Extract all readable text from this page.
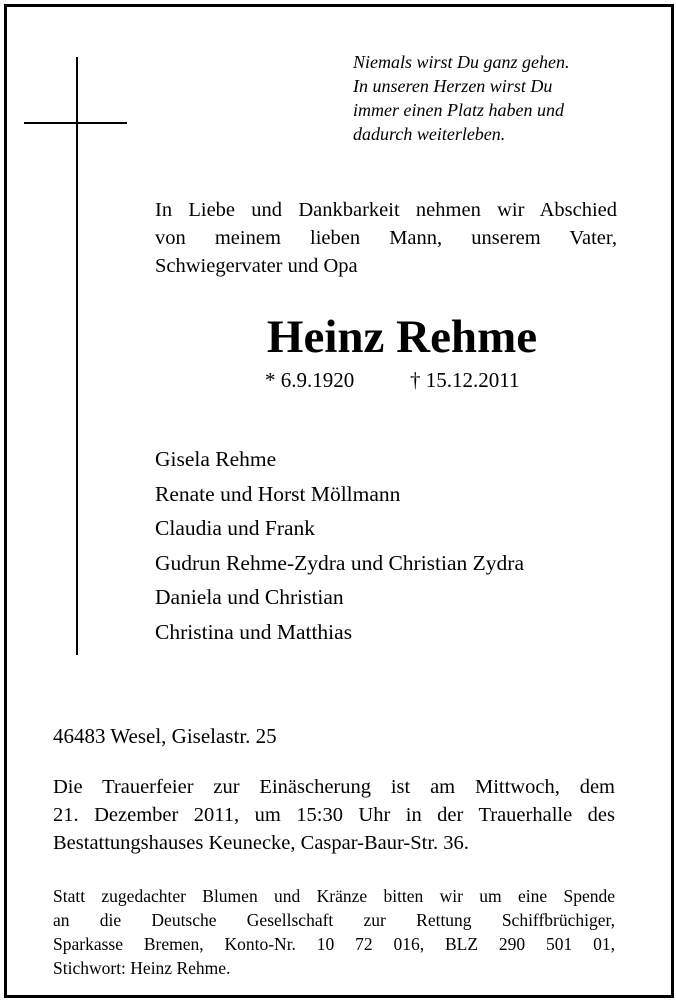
Niemals wirst Du ganz gehen.
In unseren Herzen wirst Du
immer einen Platz haben und
dadurch weiterleben.
In Liebe und Dankbarkeit nehmen wir Abschied
von meinem lieben Mann, unserem Vater,
Schwiegervater und Opa
Heinz Rehme
* 6.9.1920	† 15.12.2011
Gisela Rehme
Renate und Horst Möllmann
Claudia und Frank
Gudrun Rehme-Zydra und Christian Zydra
Daniela und Christian
Christina und Matthias
46483 Wesel, Giselastr. 25
Die Trauerfeier zur Einäscherung ist am Mittwoch, dem
21. Dezember 2011, um 15:30 Uhr in der Trauerhalle des
Bestattungshauses Keunecke, Caspar-Baur-Str. 36.
Statt zugedachter Blumen und Kränze bitten wir um eine Spende
an die Deutsche Gesellschaft zur Rettung Schiffbrüchiger,
Sparkasse Bremen, Konto-Nr. 10 72 016, BLZ 290 501 01,
Stichwort: Heinz Rehme.
